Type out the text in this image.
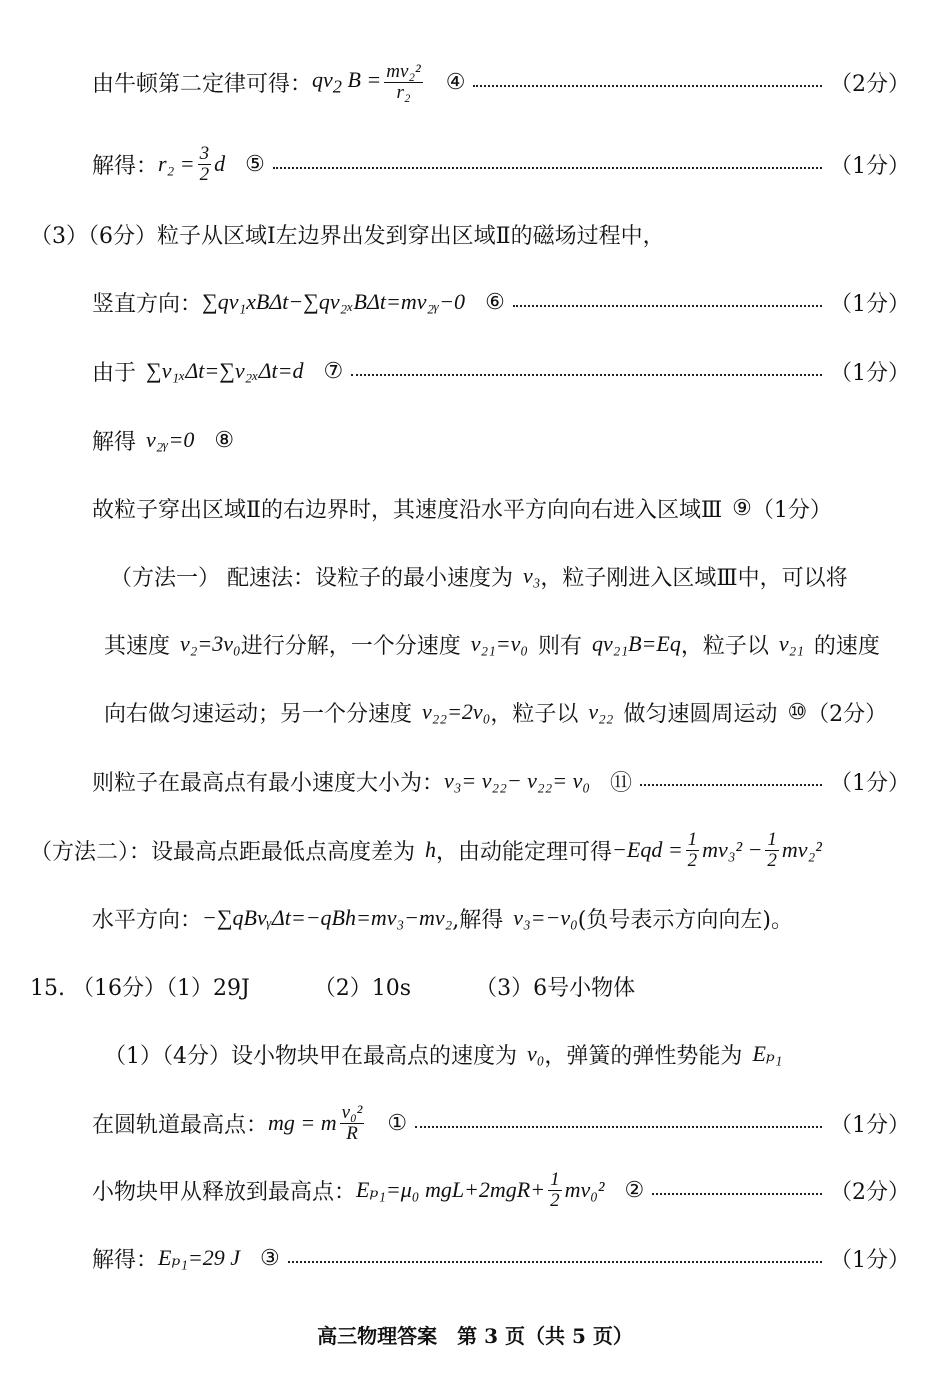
由牛顿第二定律可得： $qv_2$ $B = \frac{\text{mv₂²}}{\text{r₂}}$ ④	（2分）
解得： $r_2 = \frac{3}{2}$ d ⑤	（1分）
（3）（6分）粒子从区域Ⅰ左边界出发到穿出区域Ⅱ的磁场过程中，
竖直方向： ∑qv₁xBΔt−∑qv₂ₓBΔt=mv₂ᵧ−0 ⑥	（1分）
由于 ∑v₁ₓΔt=∑v₂ₓΔt=d ⑦	（1分）
解得 v₂ᵧ=0 ⑧
故粒子穿出区域Ⅱ的右边界时，其速度沿水平方向向右进入区域Ⅲ ⑨ （1分）
（方法一） 配速法：设粒子的最小速度为 v₃ ，粒子刚进入区域Ⅲ中，可以将
其速度 v₂=3v₀ 进行分解，一个分速度 v₂₁=v₀ 则有 qv₂₁B=Eq ，粒子以 v₂₁ 的速度
向右做匀速运动；另一个分速度 v₂₂=2v₀ ，粒子以 v₂₂ 做匀速圆周运动 ⑩ （2分）
则粒子在最高点有最小速度大小为： v₃= v₂₂− v₂₂= v₀ ⑪	（1分）
（方法二）：设最高点距最低点高度差为 h ，由动能定理可得 $-Eqd = \frac{1}{2} mv_3^2 - \frac{1}{2} mv_2^2$
水平方向： −∑qBvᵧΔt=−qBh=mv₃−mv₂ ,解得 v₃=−v₀ (负号表示方向向左)。
15. （16分）（1）29J	（2）10s	（3）6号小物体
（1）（4分）设小物块甲在最高点的速度为 v₀ ，弹簧的弹性势能为 Eₚ₁
在圆轨道最高点： mg = m $\frac{\text{v₀²}}{R}$ ①	（1分）
小物块甲从释放到最高点： Eₚ₁=μ₀ $mgL+2mgR+ \frac{1}{2} mv_0^2$ ②	（2分）
解得： Eₚ₁=29 J ③	（1分）
高三物理答案　第 3 页（共 5 页）
